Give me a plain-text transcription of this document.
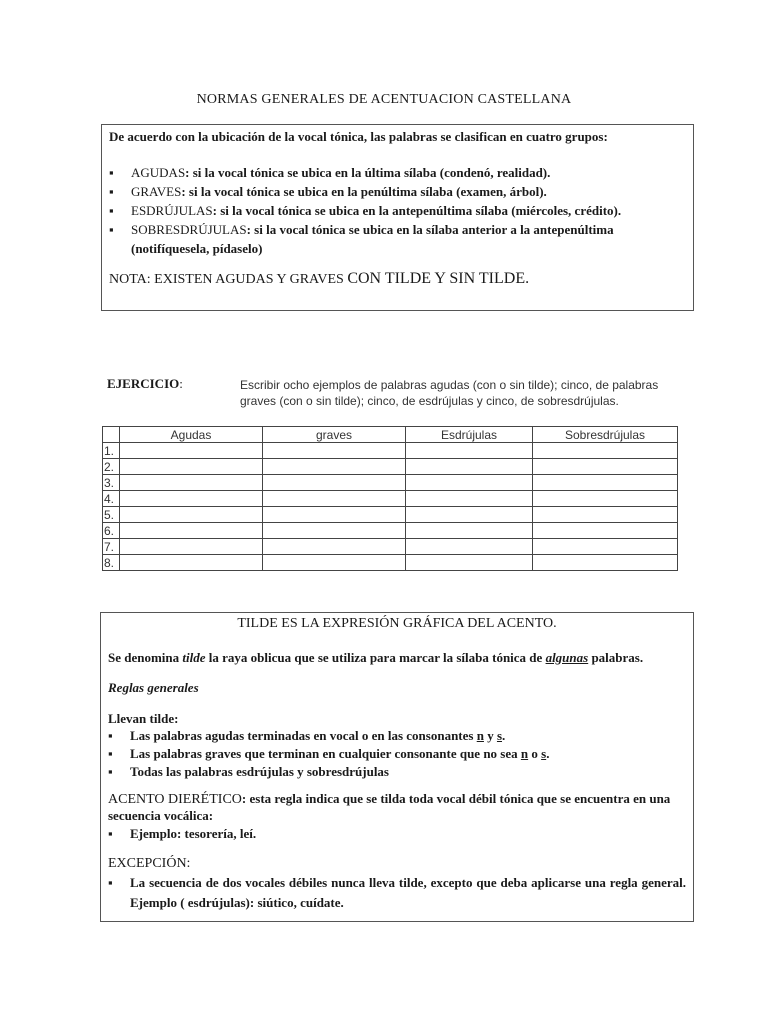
NORMAS GENERALES DE ACENTUACION CASTELLANA
De acuerdo con la ubicación de la vocal tónica, las palabras se clasifican en cuatro grupos:
▪ AGUDAS: si la vocal tónica se ubica en la última sílaba (condenó, realidad).
▪ GRAVES: si la vocal tónica se ubica en la penúltima sílaba (examen, árbol).
▪ ESDRÚJULAS: si la vocal tónica se ubica en la antepenúltima sílaba (miércoles, crédito).
▪ SOBRESDRÚJULAS: si la vocal tónica se ubica en la sílaba anterior a la antepenúltima (notifíquesela, pídaselo)
NOTA: EXISTEN AGUDAS Y GRAVES CON TILDE Y SIN TILDE.
EJERCICIO:	Escribir ocho ejemplos de palabras agudas (con o sin tilde); cinco, de palabras graves (con o sin tilde); cinco, de esdrújulas y cinco, de sobresdrújulas.
	Agudas	graves	Esdrújulas	Sobresdrújulas
1.				
2.				
3.				
4.				
5.				
6.				
7.				
8.				
TILDE ES LA EXPRESIÓN GRÁFICA DEL ACENTO.
Se denomina tilde la raya oblicua que se utiliza para marcar la sílaba tónica de algunas palabras.
Reglas generales
Llevan tilde:
▪ Las palabras agudas terminadas en vocal o en las consonantes n y s.
▪ Las palabras graves que terminan en cualquier consonante que no sea n o s.
▪ Todas las palabras esdrújulas y sobresdrújulas
ACENTO DIERÉTICO: esta regla indica que se tilda toda vocal débil tónica que se encuentra en una secuencia vocálica:
▪ Ejemplo: tesorería, leí.
EXCEPCIÓN:
▪ La secuencia de dos vocales débiles nunca lleva tilde, excepto que deba aplicarse una regla general. Ejemplo ( esdrújulas): siútico, cuídate.
